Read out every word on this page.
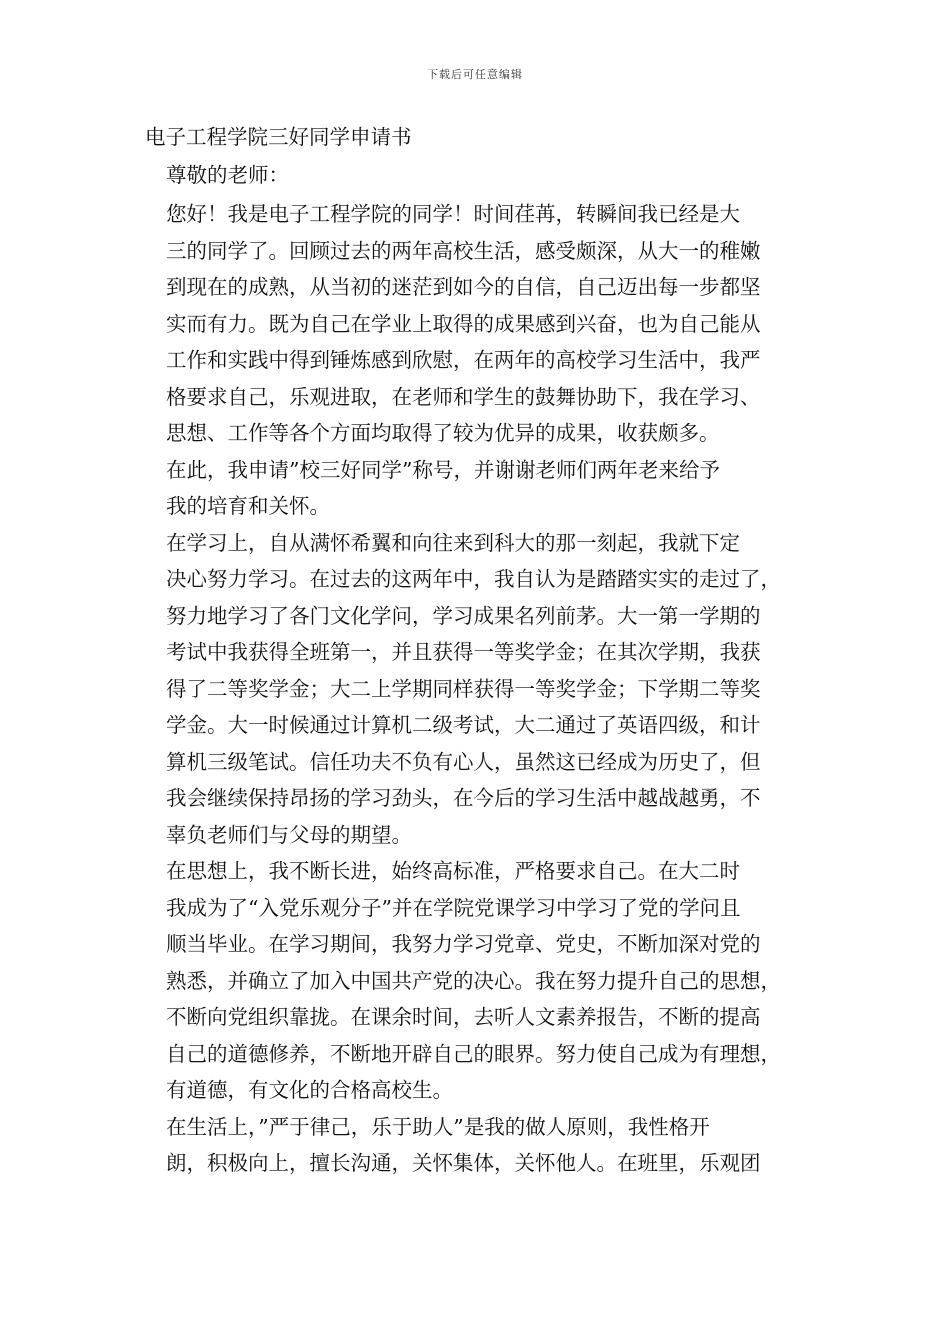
下载后可任意编辑
电子工程学院三好同学申请书

尊敬的老师：

您好！我是电子工程学院的同学！时间荏苒，转瞬间我已经是大
三的同学了。回顾过去的两年高校生活，感受颇深，从大一的稚嫩
到现在的成熟，从当初的迷茫到如今的自信，自己迈出每一步都坚
实而有力。既为自己在学业上取得的成果感到兴奋，也为自己能从
工作和实践中得到锤炼感到欣慰，在两年的高校学习生活中，我严
格要求自己，乐观进取，在老师和学生的鼓舞协助下，我在学习、
思想、工作等各个方面均取得了较为优异的成果，收获颇多。

在此，我申请”校三好同学”称号，并谢谢老师们两年老来给予
我的培育和关怀。

在学习上，自从满怀希翼和向往来到科大的那一刻起，我就下定
决心努力学习。在过去的这两年中，我自认为是踏踏实实的走过了，
努力地学习了各门文化学问，学习成果名列前茅。大一第一学期的
考试中我获得全班第一，并且获得一等奖学金；在其次学期，我获
得了二等奖学金；大二上学期同样获得一等奖学金；下学期二等奖
学金。大一时候通过计算机二级考试，大二通过了英语四级，和计
算机三级笔试。信任功夫不负有心人，虽然这已经成为历史了，但
我会继续保持昂扬的学习劲头，在今后的学习生活中越战越勇，不
辜负老师们与父母的期望。

在思想上，我不断长进，始终高标准，严格要求自己。在大二时
我成为了“入党乐观分子”并在学院党课学习中学习了党的学问且
顺当毕业。在学习期间，我努力学习党章、党史，不断加深对党的
熟悉，并确立了加入中国共产党的决心。我在努力提升自己的思想，
不断向党组织靠拢。在课余时间，去听人文素养报告，不断的提高
自己的道德修养，不断地开辟自己的眼界。努力使自己成为有理想，
有道德，有文化的合格高校生。

在生活上，”严于律己，乐于助人”是我的做人原则，我性格开
朗，积极向上，擅长沟通，关怀集体，关怀他人。在班里，乐观团
